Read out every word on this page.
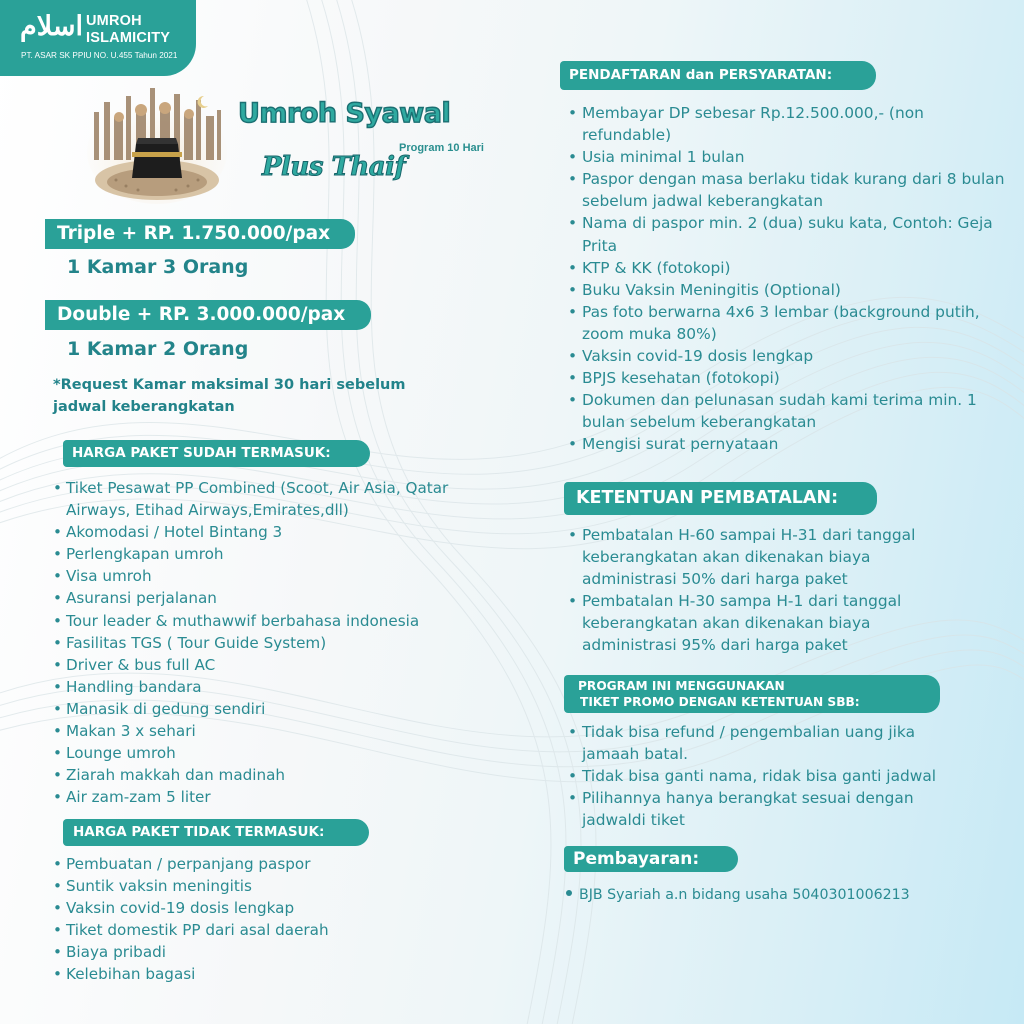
اسلام UMROH
ISLAMICITY
PT. ASAR SK PPIU NO. U.455 Tahun 2021
Umroh Syawal
Program 10 Hari
Plus Thaif
Triple + RP. 1.750.000/pax
1 Kamar 3 Orang
Double + RP. 3.000.000/pax
1 Kamar 2 Orang
*Request Kamar maksimal 30 hari sebelum jadwal keberangkatan
HARGA PAKET SUDAH TERMASUK:
• Tiket Pesawat PP Combined (Scoot, Air Asia, Qatar Airways, Etihad Airways,Emirates,dll)
• Akomodasi / Hotel Bintang 3
• Perlengkapan umroh
• Visa umroh
• Asuransi perjalanan
• Tour leader & muthawwif berbahasa indonesia
• Fasilitas TGS ( Tour Guide System)
• Driver & bus full AC
• Handling bandara
• Manasik di gedung sendiri
• Makan 3 x sehari
• Lounge umroh
• Ziarah makkah dan madinah
• Air zam-zam 5 liter
HARGA PAKET TIDAK TERMASUK:
• Pembuatan / perpanjang paspor
• Suntik vaksin meningitis
• Vaksin covid-19 dosis lengkap
• Tiket domestik PP dari asal daerah
• Biaya pribadi
• Kelebihan bagasi
PENDAFTARAN dan PERSYARATAN:
• Membayar DP sebesar Rp.12.500.000,- (non refundable)
• Usia minimal 1 bulan
• Paspor dengan masa berlaku tidak kurang dari 8 bulan sebelum jadwal keberangkatan
• Nama di paspor min. 2 (dua) suku kata, Contoh: Geja Prita
• KTP & KK (fotokopi)
• Buku Vaksin Meningitis (Optional)
• Pas foto berwarna 4x6 3 lembar (background putih, zoom muka 80%)
• Vaksin covid-19 dosis lengkap
• BPJS kesehatan (fotokopi)
• Dokumen dan pelunasan sudah kami terima min. 1 bulan sebelum keberangkatan
• Mengisi surat pernyataan
KETENTUAN PEMBATALAN:
• Pembatalan H-60 sampai H-31 dari tanggal keberangkatan akan dikenakan biaya administrasi 50% dari harga paket
• Pembatalan H-30 sampa H-1 dari tanggal keberangkatan akan dikenakan biaya administrasi 95% dari harga paket
PROGRAM INI MENGGUNAKAN
TIKET PROMO DENGAN KETENTUAN SBB:
• Tidak bisa refund / pengembalian uang jika jamaah batal.
• Tidak bisa ganti nama, ridak bisa ganti jadwal
• Pilihannya hanya berangkat sesuai dengan jadwaldi tiket
Pembayaran:
BJB Syariah a.n bidang usaha 5040301006213
